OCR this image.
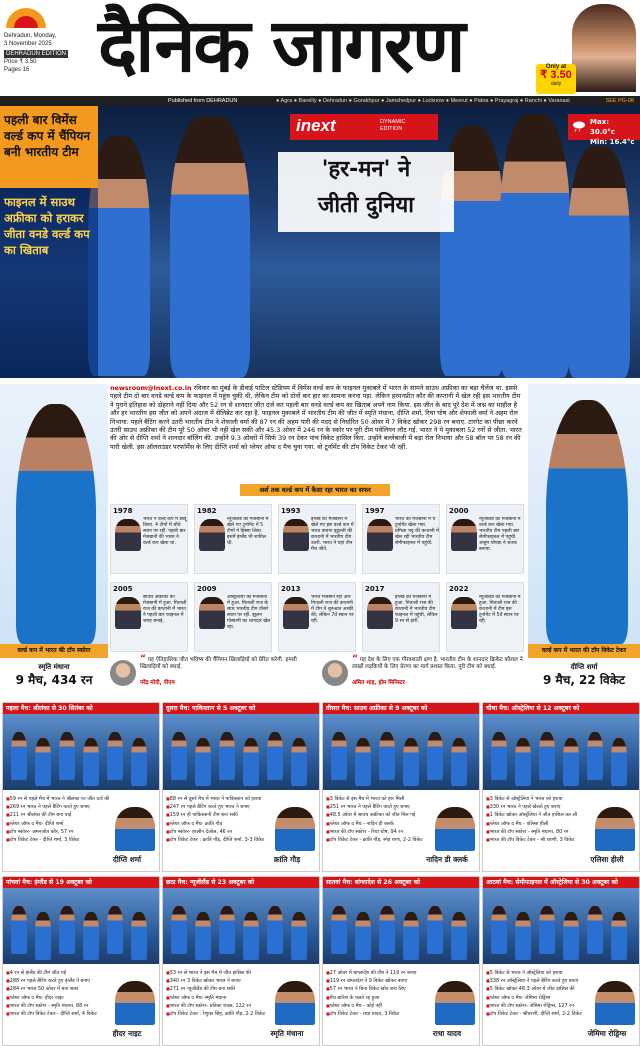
Dehradun, Monday,
3 November 2025
DEHRADUN EDITION
Price ₹ 3.50
Pages 16 दैनिक जागरण	Only at
₹ 3.50
daily
Published from DEHRADUN	● Agra ● Bareilly ● Dehradun ● Gorakhpur ● Jamshedpur ● Lucknow ● Meerut ● Patna ● Prayagraj ● Ranchi ● Varanasi	SEE PG-08
पहली बार विमेंस वर्ल्ड कप में चैंपियन बनी भारतीय टीम
फाइनल में साउथ अफ्रीका को हराकर जीता वनडे वर्ल्ड कप का खिताब
inext	DYNAMIC
EDITION
Max: 30.0°c
Min: 16.4°c
'हर-मन' ने
जीती दुनिया
वर्ल्ड कप में भारत की टॉप स्कोरर	वर्ल्ड कप में भारत की टॉप विकेट टेकर
स्मृति मंधाना
9 मैच, 434 रन
दीप्ति शर्मा
9 मैच, 22 विकेट
newsroom@inext.co.in रविवार का मुंबई के डीवाई पाटिल स्टेडियम में विमेंस वर्ल्ड कप के फाइनल मुकाबले में भारत के सामने साउथ अफ्रीका का बड़ा चैलेंज था. इससे पहले टीम दो बार वनडे वर्ल्ड कप के फाइनल में पहुंच चुकी थी, लेकिन टीम को दोनों बार हार का सामना करना पड़ा. लेकिन हरमनप्रीत कौर की कप्तानी में खेल रही इस भारतीय टीम ने पुराने इतिहास को दोहराने नहीं दिया और 52 रन से शानदार जीत दर्ज कर पहली बार वनडे वर्ल्ड कप का खिताब अपने नाम किया. इस जीत के बाद पूरे देश में जश्न का माहौल है और हर भारतीय इस जीत को अपने अंदाज में सेलिब्रेट कर रहा है. फाइनल मुकाबले में भारतीय टीम की जीत में स्मृति मंधाना, दीप्ति शर्मा, रिचा घोष और शेफाली वर्मा ने अहम रोल निभाया. पहले बैटिंग करने उतरी भारतीय टीम ने शेफाली वर्मा की 87 रन की अहम पारी की मदद से निर्धारित 50 ओवर में 7 विकेट खोकर 298 रन बनाए. टारगेट का पीछा करने उतरी साउथ अफ्रीका की टीम पूरे 50 ओवर भी नहीं खेल सकी और 45.3 ओवर में 246 रन के स्कोर पर पूरी टीम पवेलियन लौट गई. भारत ने ये मुकाबला 52 रनों से जीता. भारत की ओर से दीप्ति शर्मा ने शानदार बॉलिंग की. उन्होंने 9.3 ओवरों में सिर्फ 39 रन देकर पांच विकेट हासिल किए. उन्होंने बल्लेबाजी में बड़ा रोल निभाया और 58 बॉल पर 58 रन की पारी खेली. इस ऑलराउंडर परफॉर्मेंस के लिए दीप्ति शर्मा को प्लेयर ऑफ द मैच चुना गया. वो टूर्नामेंट की टॉप विकेट टेकर भी रहीं.
अर्श तक वर्ल्ड कप में कैसा रहा भारत का सफर
1978
भारत ने वर्ल्ड कप में डेब्यू किया. 4 टीमों में चौथे स्थान पर रही. पहली बार मेजबानी की भारत ने वर्ल्ड कप खेला था.
1982
न्यूजीलैंड की मेजबानी में खेले गए टूर्नामेंट में 5 टीमों ने हिस्सा लिया. इसमें इंग्लैंड भी शामिल थी.
1993
इंग्लैंड की मेजबानी में खेले गए इस वर्ल्ड कप में भारत डायना इडुल्जी की कप्तानी में भारतीय टीम उतरी. भारत ने यहां तीन मैच जीते.
1997
भारत की मेजबानी में ये टूर्नामेंट खेला गया. प्रमिला भट्ट की कप्तानी में खेल रही भारतीय टीम सेमीफाइनल में पहुंची.
2000
न्यूजीलैंड की मेजबानी में वर्ल्ड कप खेला गया. भारतीय टीम पहली बार सेमीफाइनल में पहुंची. अंजुम चोपड़ा ने शतक बनाया.
2005
साउथ अफ्रीका की मेजबानी में हुआ. मिताली राज की कप्तानी में भारत ने पहली बार फाइनल में जगह बनाई.
2009
ऑस्ट्रेलिया की मेजबानी में हुआ. मिताली राज के साथ भारतीय टीम तीसरे स्थान पर रही. झूलन गोस्वामी का शानदार खेल रहा.
2013
भारत मेजबान रहा और मिताली राज की कप्तानी में टीम ने शुरुआत अच्छी की, लेकिन 7वें स्थान पर रही.
2017
इंग्लैंड की मेजबानी में हुआ. मिताली राज की कप्तानी में भारतीय टीम फाइनल में पहुंची, लेकिन 9 रन से हारी.
2022
न्यूजीलैंड की मेजबानी में हुआ. मिताली राज की कप्तानी में टीम इस टूर्नामेंट में 5वें स्थान पर रही.
“ यह ऐतिहासिक जीत भविष्य की चैंपियन खिलाड़ियों को प्रेरित करेगी. हमारी खिलाड़ियों को बधाई.
नरेंद्र मोदी, पीएम
“ यह देश के लिए एक गौरवशाली क्षण है. भारतीय टीम के शानदार क्रिकेट कौशल ने लाखों लड़कियों के लिए प्रेरणा का मार्ग प्रशस्त किया. पूरी टीम को बधाई.
अमित शाह, होम मिनिस्टर
पहला मैच: श्रीलंका से 30 सितंबर को
■ 59 रन से पहले मैच में भारत ने श्रीलंका पर जीत दर्ज की
■ 269 रन भारत ने पहले बैटिंग करते हुए बनाए
■ 211 रन श्रीलंका की टीम बना पाई
■ प्लेयर ऑफ द मैच- दीप्ति शर्मा
■ टॉप स्कोरर- अमनजोत कौर, 57 रन
■ टॉप विकेट टेकर - दीप्ति शर्मा, 3 विकेट
दीप्ति शर्मा
दूसरा मैच: पाकिस्तान से 5 अक्टूबर को
■ 88 रन से दूसरे मैच में भारत ने पाकिस्तान को हराया
■ 247 रन पहले बैटिंग करते हुए भारत ने बनाए
■ 159 रन ही पाकिस्तानी टीम बना सकी
■ प्लेयर ऑफ द मैच- क्रांति गौड़
■ टॉप स्कोरर- हरलीन देओल, 46 रन
■ टॉप विकेट टेकर : क्रांति गौड़, दीप्ति शर्मा, 3-3 विकेट
क्रांति गौड़
तीसरा मैच: साउथ अफ्रीका से 9 अक्टूबर को
■ 3 विकेट से इस मैच में भारत को हार मिली
■ 251 रन भारत ने पहले बैटिंग करते हुए बनाए
■ 48.5 ओवर में साउथ अफ्रीका को जीत मिल गई
■ प्लेयर ऑफ द मैच - नादिन डी क्लर्क
■ भारत की टॉप स्कोरर - रिचा घोष, 94 रन
■ टॉप विकेट टेकर - क्रांति गौड़, स्नेह राणा, 2-2 विकेट
नादिन डी क्लर्क
चौथा मैच: ऑस्ट्रेलिया से 12 अक्टूबर को
■ 3 विकेट से ऑस्ट्रेलिया ने भारत को हराया
■ 330 रन भारत ने पहले खेलते हुए बनाए
■ 1 विकेट खोकर ऑस्ट्रेलिया ने जीत हासिल कर ली
■ प्लेयर ऑफ द मैच - एलिसा हीली
■ भारत की टॉप स्कोरर - स्मृति मंधाना, 80 रन
■ भारत की टॉप विकेट टेकर - श्री चरणी, 3 विकेट
एलिसा हीली
पांचवां मैच: इंग्लैंड से 19 अक्टूबर को
■ 4 रन से इंग्लैंड की टीम जीत गई
■ 288 रन पहले बैटिंग करते हुए इंग्लैंड ने बनाए
■ 284 रन भारत 50 ओवर में बना सका
■ प्लेयर ऑफ द मैच- हीदर नाइट
■ भारत की टॉप स्कोरर - स्मृति मंधाना, 88 रन
■ भारत की टॉप विकेट टेकर - दीप्ति शर्मा, 4 विकेट
हीदर नाइट
छठा मैच: न्यूजीलैंड से 23 अक्टूबर को
■ 53 रन से भारत ने इस मैच में जीत हासिल की
■ 340 रन 3 विकेट खोकर भारत ने बनाए
■ 271 रन न्यूजीलैंड की टीम बना सकी
■ प्लेयर ऑफ द मैच- स्मृति मंधाना
■ भारत की टॉप स्कोरर- प्रतिका रावल, 122 रन
■ टॉप विकेट टेकर : रेणुका सिंह, क्रांति गौड़, 2-2 विकेट
स्मृति मंधाना
सातवां मैच: बांग्लादेश से 26 अक्टूबर को
■ 27 ओवर में बांग्लादेश की टीम ने 119 रन बनाए
■ 119 रन बांग्लादेश ने 9 विकेट खोकर बनाए
■ 57 रन भारत ने बिना विकेट खोए बना लिए
■ मैच बारिश के चलते रद्द हुआ
■ प्लेयर ऑफ द मैच - कोई नहीं
■ टॉप विकेट टेकर - राधा यादव, 3 विकेट
राधा यादव
आठवां मैच: सेमीफाइनल में ऑस्ट्रेलिया से 30 अक्टूबर को
■ 5 विकेट से भारत ने ऑस्ट्रेलिया को हराया
■ 338 रन ऑस्ट्रेलिया ने पहले बैटिंग करते हुए बनाए
■ 5 विकेट खोकर 48.3 ओवर में जीत हासिल की
■ प्लेयर ऑफ द मैच- जेमिमा रोड्रिग्स
■ भारत की टॉप स्कोरर- जेमिमा रोड्रिग्स, 127 रन
■ टॉप विकेट टेकर - श्रीचरणी, दीप्ति शर्मा, 2-2 विकेट
जेमिमा रोड्रिग्स
